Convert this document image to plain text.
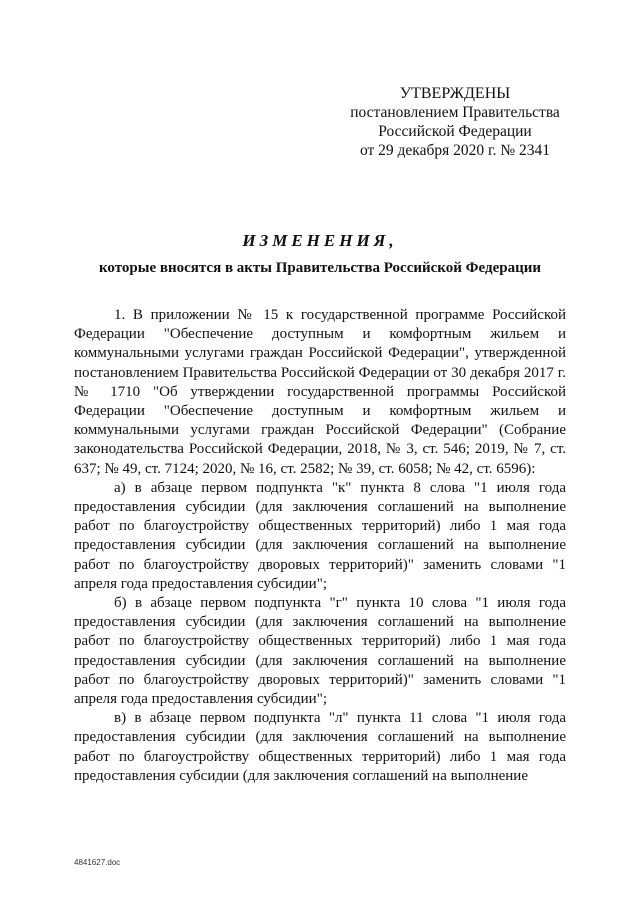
УТВЕРЖДЕНЫ
постановлением Правительства
Российской Федерации
от 29 декабря 2020 г. № 2341
ИЗМЕНЕНИЯ,
которые вносятся в акты Правительства Российской Федерации

1. В приложении № 15 к государственной программе Российской Федерации "Обеспечение доступным и комфортным жильем и коммунальными услугами граждан Российской Федерации", утвержденной постановлением Правительства Российской Федерации от 30 декабря 2017 г. № 1710 "Об утверждении государственной программы Российской Федерации "Обеспечение доступным и комфортным жильем и коммунальными услугами граждан Российской Федерации" (Собрание законодательства Российской Федерации, 2018, № 3, ст. 546; 2019, № 7, ст. 637; № 49, ст. 7124; 2020, № 16, ст. 2582; № 39, ст. 6058; № 42, ст. 6596):

а) в абзаце первом подпункта "к" пункта 8 слова "1 июля года предоставления субсидии (для заключения соглашений на выполнение работ по благоустройству общественных территорий) либо 1 мая года предоставления субсидии (для заключения соглашений на выполнение работ по благоустройству дворовых территорий)" заменить словами "1 апреля года предоставления субсидии";

б) в абзаце первом подпункта "г" пункта 10 слова "1 июля года предоставления субсидии (для заключения соглашений на выполнение работ по благоустройству общественных территорий) либо 1 мая года предоставления субсидии (для заключения соглашений на выполнение работ по благоустройству дворовых территорий)" заменить словами "1 апреля года предоставления субсидии";

в) в абзаце первом подпункта "л" пункта 11 слова "1 июля года предоставления субсидии (для заключения соглашений на выполнение работ по благоустройству общественных территорий) либо 1 мая года предоставления субсидии (для заключения соглашений на выполнение

4841627.doc
